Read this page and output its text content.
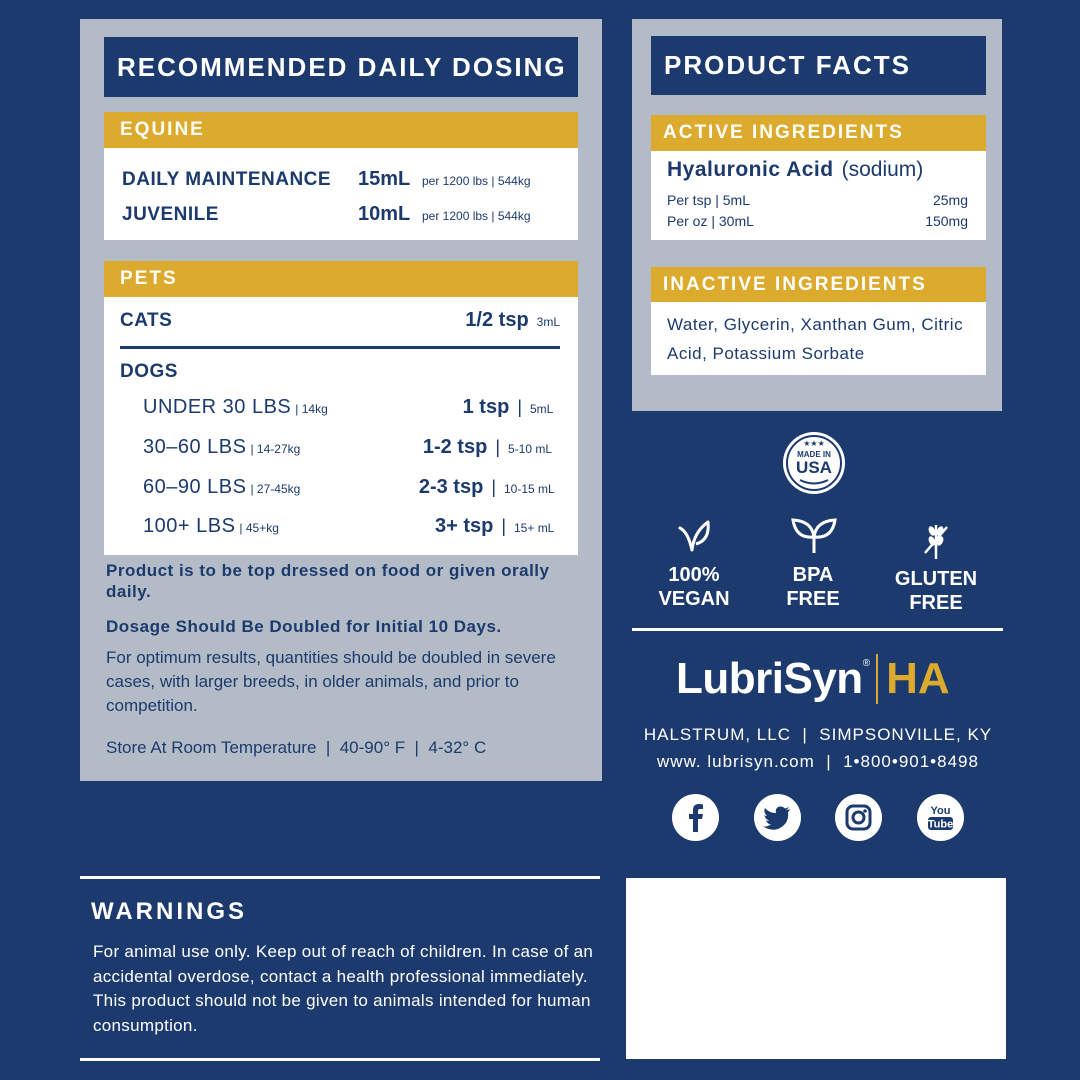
RECOMMENDED DAILY DOSING
EQUINE
DAILY MAINTENANCE	15mL per 1200 lbs | 544kg
JUVENILE	10mL per 1200 lbs | 544kg
PETS
CATS	1/2 tsp 3mL
DOGS
UNDER 30 LBS | 14kg	1 tsp | 5mL
30–60 LBS | 14-27kg	1-2 tsp | 5-10 mL
60–90 LBS | 27-45kg	2-3 tsp | 10-15 mL
100+ LBS | 45+kg	3+ tsp | 15+ mL
Product is to be top dressed on food or given orally daily.
Dosage Should Be Doubled for Initial 10 Days.
For optimum results, quantities should be doubled in severe cases, with larger breeds, in older animals, and prior to competition.
Store At Room Temperature  |  40-90° F  |  4-32° C
PRODUCT FACTS
ACTIVE INGREDIENTS
Hyaluronic Acid (sodium)
Per tsp | 5mL	25mg
Per oz | 30mL	150mg
INACTIVE INGREDIENTS
Water, Glycerin, Xanthan Gum, Citric Acid, Potassium Sorbate
★★★
MADE IN
USA
100%
VEGAN
BPA
FREE
GLUTEN
FREE
LubriSyn ® HA
HALSTRUM, LLC  |  SIMPSONVILLE, KY
www. lubrisyn.com  |  1•800•901•8498
You
Tube
WARNINGS
For animal use only. Keep out of reach of children. In case of an accidental overdose, contact a health professional immediately. This product should not be given to animals intended for human consumption.
